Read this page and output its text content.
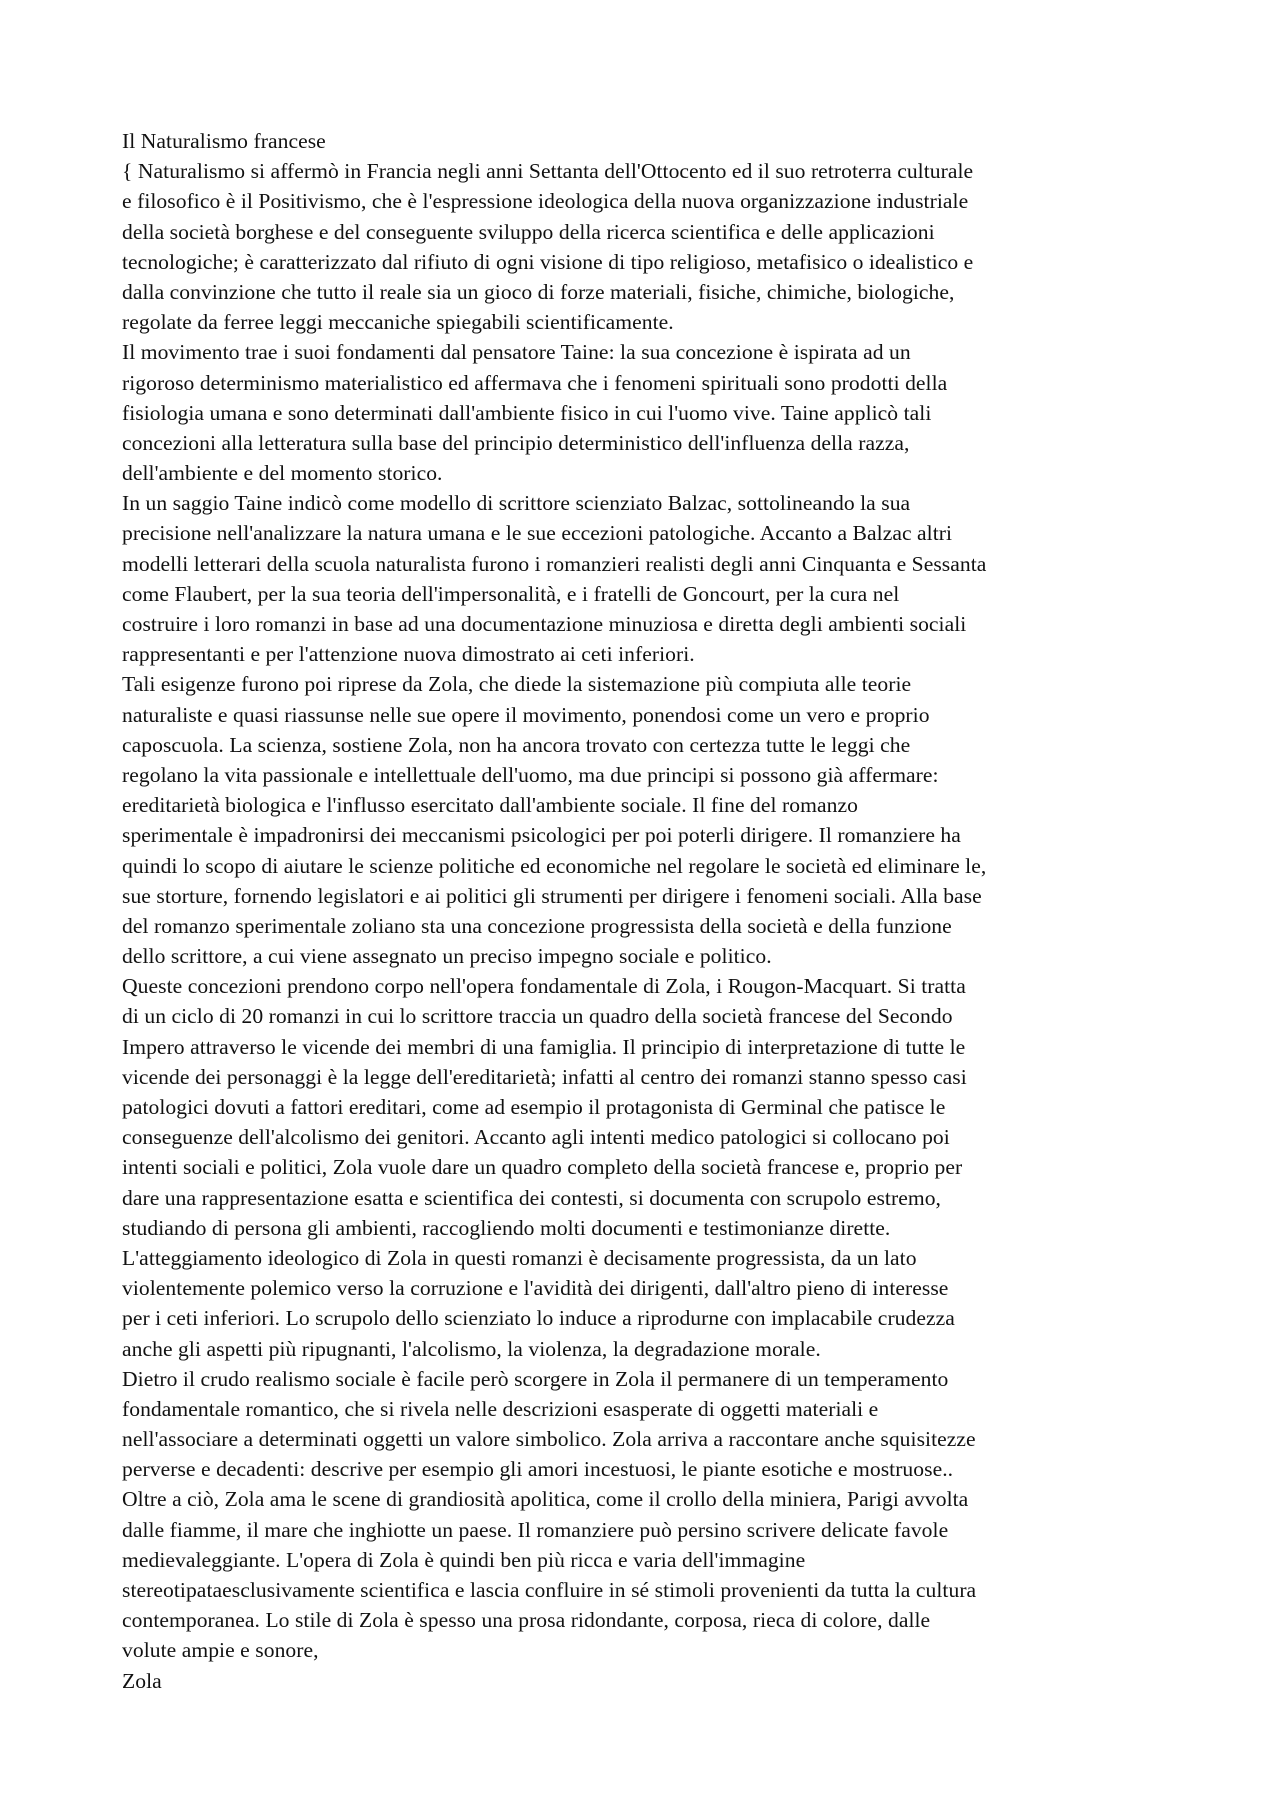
Il Naturalismo francese
{ Naturalismo si affermò in Francia negli anni Settanta dell'Ottocento ed il suo retroterra culturale
e filosofico è il Positivismo, che è l'espressione ideologica della nuova organizzazione industriale
della società borghese e del conseguente sviluppo della ricerca scientifica e delle applicazioni
tecnologiche; è caratterizzato dal rifiuto di ogni visione di tipo religioso, metafisico o idealistico e
dalla convinzione che tutto il reale sia un gioco di forze materiali, fisiche, chimiche, biologiche,
regolate da ferree leggi meccaniche spiegabili scientificamente.
Il movimento trae i suoi fondamenti dal pensatore Taine: la sua concezione è ispirata ad un
rigoroso determinismo materialistico ed affermava che i fenomeni spirituali sono prodotti della
fisiologia umana e sono determinati dall'ambiente fisico in cui l'uomo vive. Taine applicò tali
concezioni alla letteratura sulla base del principio deterministico dell'influenza della razza,
dell'ambiente e del momento storico.
In un saggio Taine indicò come modello di scrittore scienziato Balzac, sottolineando la sua
precisione nell'analizzare la natura umana e le sue eccezioni patologiche. Accanto a Balzac altri
modelli letterari della scuola naturalista furono i romanzieri realisti degli anni Cinquanta e Sessanta
come Flaubert, per la sua teoria dell'impersonalità, e i fratelli de Goncourt, per la cura nel
costruire i loro romanzi in base ad una documentazione minuziosa e diretta degli ambienti sociali
rappresentanti e per l'attenzione nuova dimostrato ai ceti inferiori.
Tali esigenze furono poi riprese da Zola, che diede la sistemazione più compiuta alle teorie
naturaliste e quasi riassunse nelle sue opere il movimento, ponendosi come un vero e proprio
caposcuola. La scienza, sostiene Zola, non ha ancora trovato con certezza tutte le leggi che
regolano la vita passionale e intellettuale dell'uomo, ma due principi si possono già affermare:
ereditarietà biologica e l'influsso esercitato dall'ambiente sociale. Il fine del romanzo
sperimentale è impadronirsi dei meccanismi psicologici per poi poterli dirigere. Il romanziere ha
quindi lo scopo di aiutare le scienze politiche ed economiche nel regolare le società ed eliminare le,
sue storture, fornendo legislatori e ai politici gli strumenti per dirigere i fenomeni sociali. Alla base
del romanzo sperimentale zoliano sta una concezione progressista della società e della funzione
dello scrittore, a cui viene assegnato un preciso impegno sociale e politico.
Queste concezioni prendono corpo nell'opera fondamentale di Zola, i Rougon-Macquart. Si tratta
di un ciclo di 20 romanzi in cui lo scrittore traccia un quadro della società francese del Secondo
Impero attraverso le vicende dei membri di una famiglia. Il principio di interpretazione di tutte le
vicende dei personaggi è la legge dell'ereditarietà; infatti al centro dei romanzi stanno spesso casi
patologici dovuti a fattori ereditari, come ad esempio il protagonista di Germinal che patisce le
conseguenze dell'alcolismo dei genitori. Accanto agli intenti medico patologici si collocano poi
intenti sociali e politici, Zola vuole dare un quadro completo della società francese e, proprio per
dare una rappresentazione esatta e scientifica dei contesti, si documenta con scrupolo estremo,
studiando di persona gli ambienti, raccogliendo molti documenti e testimonianze dirette.
L'atteggiamento ideologico di Zola in questi romanzi è decisamente progressista, da un lato
violentemente polemico verso la corruzione e l'avidità dei dirigenti, dall'altro pieno di interesse
per i ceti inferiori. Lo scrupolo dello scienziato lo induce a riprodurne con implacabile crudezza
anche gli aspetti più ripugnanti, l'alcolismo, la violenza, la degradazione morale.
Dietro il crudo realismo sociale è facile però scorgere in Zola il permanere di un temperamento
fondamentale romantico, che si rivela nelle descrizioni esasperate di oggetti materiali e
nell'associare a determinati oggetti un valore simbolico. Zola arriva a raccontare anche squisitezze
perverse e decadenti: descrive per esempio gli amori incestuosi, le piante esotiche e mostruose..
Oltre a ciò, Zola ama le scene di grandiosità apolitica, come il crollo della miniera, Parigi avvolta
dalle fiamme, il mare che inghiotte un paese. Il romanziere può persino scrivere delicate favole
medievaleggiante. L'opera di Zola è quindi ben più ricca e varia dell'immagine
stereotipataesclusivamente scientifica e lascia confluire in sé stimoli provenienti da tutta la cultura
contemporanea. Lo stile di Zola è spesso una prosa ridondante, corposa, rieca di colore, dalle
volute ampie e sonore,
Zola
